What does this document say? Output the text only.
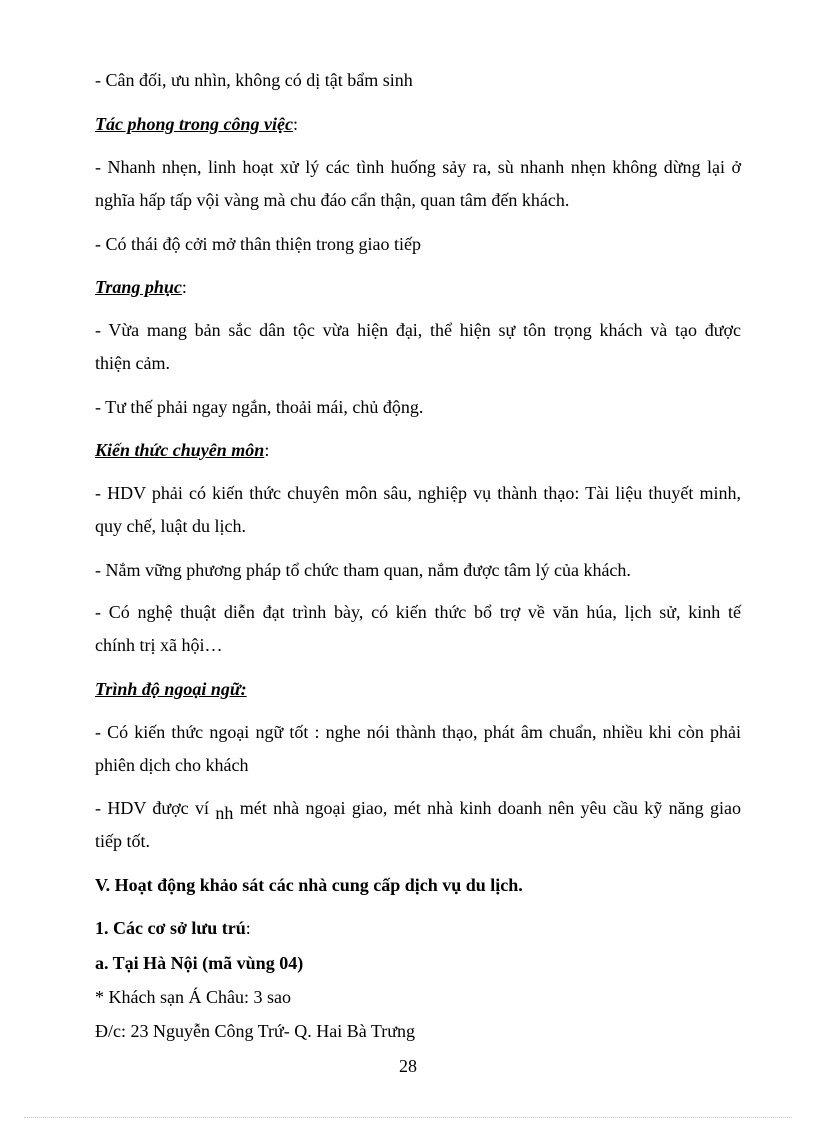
- Cân đối, ưu nhìn, không có dị tật bẩm sinh
Tác phong trong công việc:
- Nhanh nhẹn, linh hoạt xử lý các tình huống sảy ra, sù nhanh nhẹn không dừng lại ở
nghĩa hấp tấp vội vàng mà chu đáo cẩn thận, quan tâm đến khách.
- Có thái độ cởi mở thân thiện trong giao tiếp
Trang phục:
- Vừa mang bản sắc dân tộc vừa hiện đại, thể hiện sự tôn trọng khách và tạo được
thiện cảm.
- Tư thế phải ngay ngắn, thoải mái, chủ động.
Kiến thức chuyên môn:
- HDV phải có kiến thức chuyên môn sâu, nghiệp vụ thành thạo: Tài liệu thuyết minh,
quy chế, luật du lịch.
- Nắm vững phương pháp tổ chức tham quan, nắm được tâm lý của khách.
- Có nghệ thuật diễn đạt trình bày, có kiến thức bổ trợ về văn húa, lịch sử, kinh tế
chính trị xã hội…
Trình độ ngoại ngữ:
- Có kiến thức ngoại ngữ tốt : nghe nói thành thạo, phát âm chuẩn, nhiều khi còn phải
phiên dịch cho khách
- HDV được ví nh mét nhà ngoại giao, mét nhà kinh doanh nên yêu cầu kỹ năng giao
tiếp tốt.
V. Hoạt động khảo sát các nhà cung cấp dịch vụ du lịch.
1. Các cơ sở lưu trú:
a. Tại Hà Nội (mã vùng 04)
* Khách sạn Á Châu: 3 sao
Đ/c: 23 Nguyễn Công Trứ- Q. Hai Bà Trưng
28
